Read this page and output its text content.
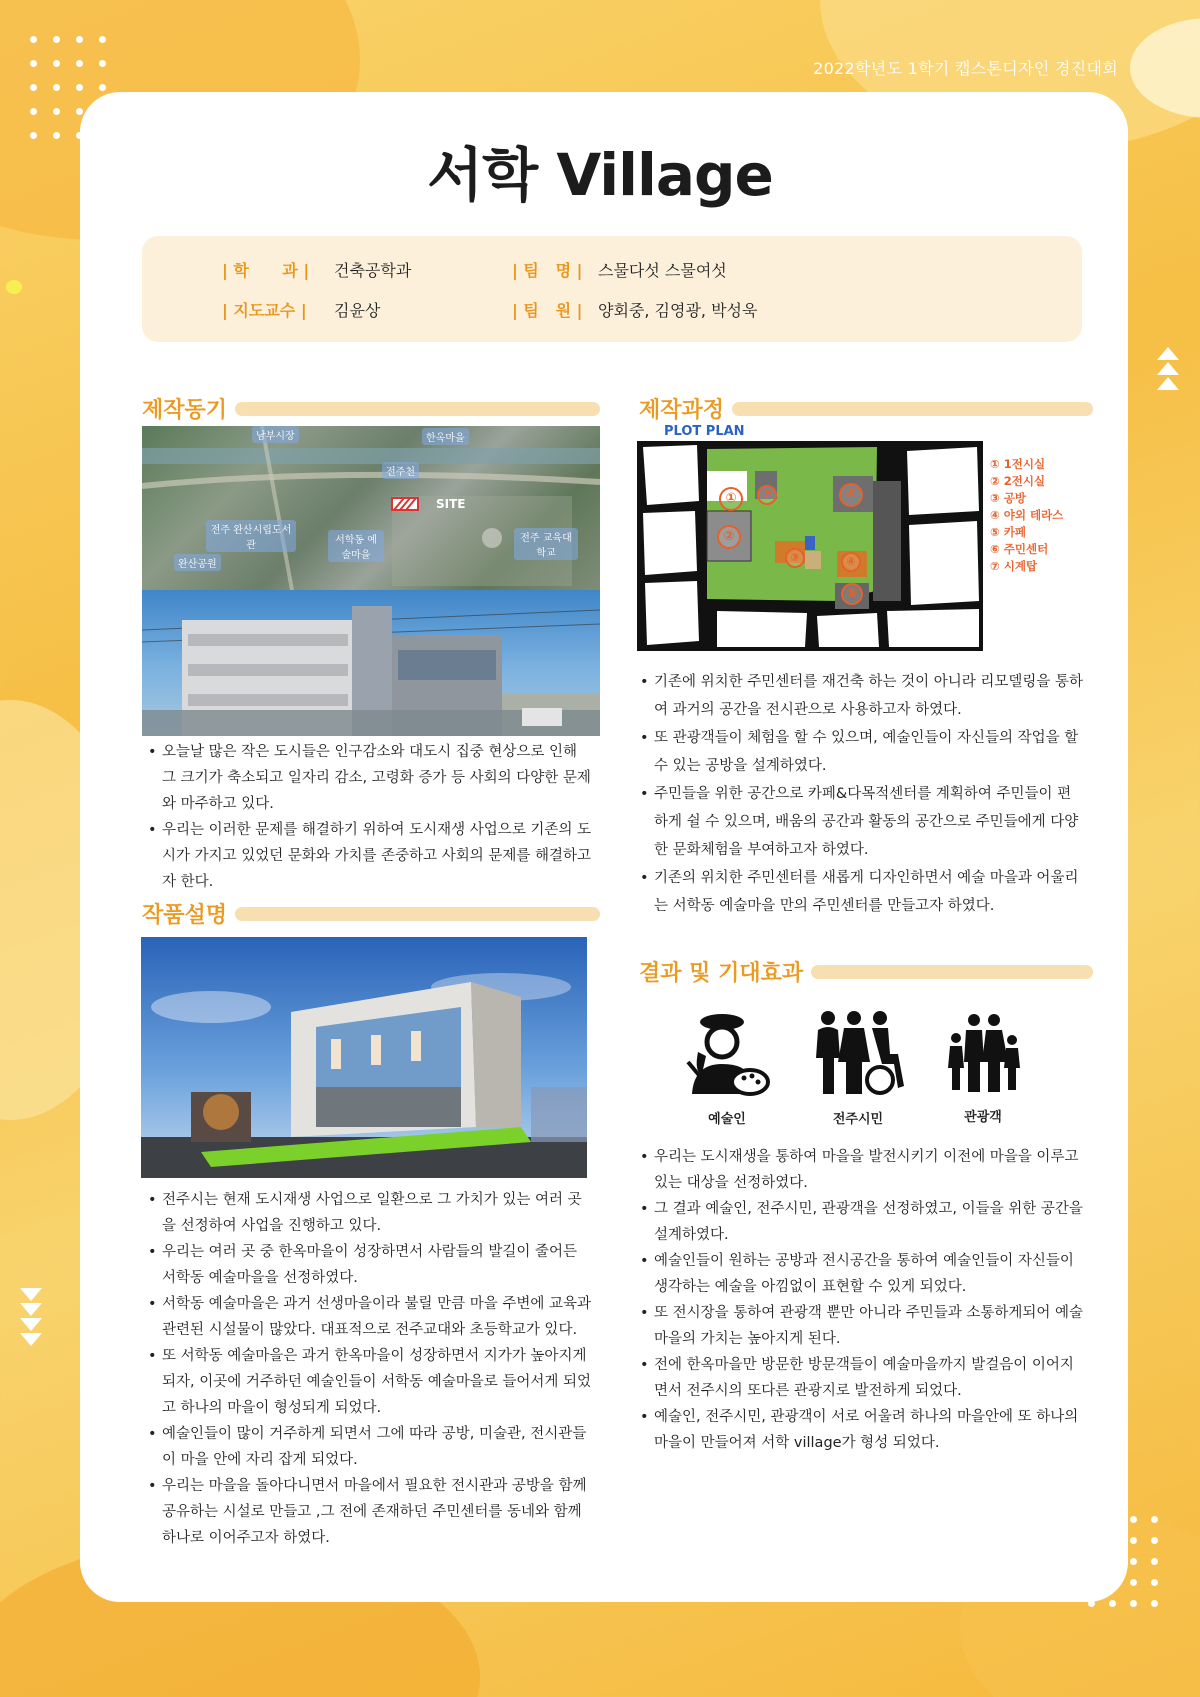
2022학년도 1학기 캡스톤디자인 경진대회
서학 Village
| 학      과 |	건축공학과	| 팀   명 | 스물다섯 스물여섯
| 지도교수 |	김윤상	| 팀   원 | 양회중, 김영광, 박성욱
제작동기
남부시장	한옥마을
전주천
SITE
전주 완산시립도서관	서학동 예술마을
전주 교육대학교
완산공원
• 오늘날 많은 작은 도시들은 인구감소와 대도시 집중 현상으로 인해 그 크기가 축소되고 일자리 감소, 고령화 증가 등 사회의 다양한 문제와 마주하고 있다.
• 우리는 이러한 문제를 해결하기 위하여 도시재생 사업으로 기존의 도시가 가지고 있었던 문화와 가치를 존중하고 사회의 문제를 해결하고자 한다.
작품설명
• 전주시는 현재 도시재생 사업으로 일환으로 그 가치가 있는 여러 곳을 선정하여 사업을 진행하고 있다.
• 우리는 여러 곳 중 한옥마을이 성장하면서 사람들의 발길이 줄어든 서학동 예술마을을 선정하였다.
• 서학동 예술마을은 과거 선생마을이라 불릴 만큼 마을 주변에 교육과 관련된 시설물이 많았다. 대표적으로 전주교대와 초등학교가 있다.
• 또 서학동 예술마을은 과거 한옥마을이 성장하면서 지가가 높아지게 되자, 이곳에 거주하던 예술인들이 서학동 예술마을로 들어서게 되었고 하나의 마을이 형성되게 되었다.
• 예술인들이 많이 거주하게 되면서 그에 따라 공방, 미술관, 전시관들이 마을 안에 자리 잡게 되었다.
• 우리는 마을을 돌아다니면서 마을에서 필요한 전시관과 공방을 함께 공유하는 시설로 만들고 ,그 전에 존재하던 주민센터를 동네와 함께 하나로 이어주고자 하였다.
제작과정
PLOT PLAN
①
②
③	④
⑤
⑥
⑦
① 1전시실
② 2전시실
③ 공방
④ 야외 테라스
⑤ 카페
⑥ 주민센터
⑦ 시계탑
• 기존에 위치한 주민센터를 재건축 하는 것이 아니라 리모델링을 통하여 과거의 공간을 전시관으로 사용하고자 하였다.
• 또 관광객들이 체험을 할 수 있으며, 예술인들이 자신들의 작업을 할 수 있는 공방을 설계하였다.
• 주민들을 위한 공간으로 카페&다목적센터를 계획하여 주민들이 편하게 쉴 수 있으며, 배움의 공간과 활동의 공간으로 주민들에게 다양한 문화체험을 부여하고자 하였다.
• 기존의 위치한 주민센터를 새롭게 디자인하면서 예술 마을과 어울리는 서학동 예술마을 만의 주민센터를 만들고자 하였다.
결과 및 기대효과
예술인	전주시민	관광객
• 우리는 도시재생을 통하여 마을을 발전시키기 이전에 마을을 이루고 있는 대상을 선정하였다.
• 그 결과 예술인, 전주시민, 관광객을 선정하였고, 이들을 위한 공간을 설계하였다.
• 예술인들이 원하는 공방과 전시공간을 통하여 예술인들이 자신들이 생각하는 예술을 아낌없이 표현할 수 있게 되었다.
• 또 전시장을 통하여 관광객 뿐만 아니라 주민들과 소통하게되어 예술마을의 가치는 높아지게 된다.
• 전에 한옥마을만 방문한 방문객들이 예술마을까지 발걸음이 이어지면서 전주시의 또다른 관광지로 발전하게 되었다.
• 예술인, 전주시민, 관광객이 서로 어울려 하나의 마을안에 또 하나의 마을이 만들어져 서학 village가 형성 되었다.
